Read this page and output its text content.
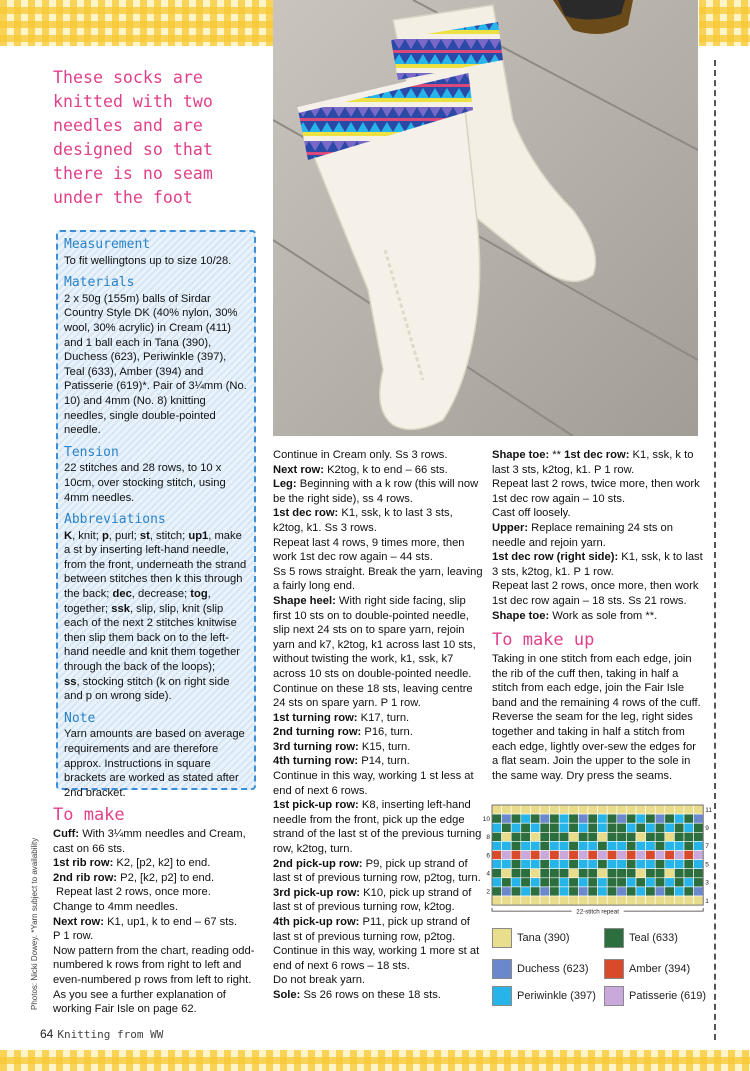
These socks are knitted with two needles and are designed so that there is no seam under the foot
Measurement
To fit wellingtons up to size 10/28.
Materials
2 x 50g (155m) balls of Sirdar Country Style DK (40% nylon, 30% wool, 30% acrylic) in Cream (411) and 1 ball each in Tana (390), Duchess (623), Periwinkle (397), Teal (633), Amber (394) and Patisserie (619)*. Pair of 3¼mm (No. 10) and 4mm (No. 8) knitting needles, single double-pointed needle.
Tension
22 stitches and 28 rows, to 10 x 10cm, over stocking stitch, using 4mm needles.
Abbreviations
K, knit; p, purl; st, stitch; up1, make a st by inserting left-hand needle, from the front, underneath the strand between stitches then k this through the back; dec, decrease; tog, together; ssk, slip, slip, knit (slip each of the next 2 stitches knitwise then slip them back on to the left-hand needle and knit them together through the back of the loops);
ss, stocking stitch (k on right side and p on wrong side).
Note
Yarn amounts are based on average requirements and are therefore approx. Instructions in square brackets are worked as stated after 2nd bracket.
To make

Cuff: With 3¼mm needles and Cream, cast on 66 sts.

1st rib row: K2, [p2, k2] to end.

2nd rib row: P2, [k2, p2] to end.

Repeat last 2 rows, once more.

Change to 4mm needles.

Next row: K1, up1, k to end – 67 sts.

P 1 row.

Now pattern from the chart, reading odd-numbered k rows from right to left and even-numbered p rows from left to right. As you see a further explanation of working Fair Isle on page 62.

Continue in Cream only. Ss 3 rows.

Next row: K2tog, k to end – 66 sts.

Leg: Beginning with a k row (this will now be the right side), ss 4 rows.

1st dec row: K1, ssk, k to last 3 sts, k2tog, k1. Ss 3 rows.

Repeat last 4 rows, 9 times more, then work 1st dec row again – 44 sts.

Ss 5 rows straight. Break the yarn, leaving a fairly long end.

Shape heel: With right side facing, slip first 10 sts on to double-pointed needle, slip next 24 sts on to spare yarn, rejoin yarn and k7, k2tog, k1 across last 10 sts, without twisting the work, k1, ssk, k7 across 10 sts on double-pointed needle. Continue on these 18 sts, leaving centre 24 sts on spare yarn. P 1 row.

1st turning row: K17, turn.

2nd turning row: P16, turn.

3rd turning row: K15, turn.

4th turning row: P14, turn.

Continue in this way, working 1 st less at end of next 6 rows.

1st pick-up row: K8, inserting left-hand needle from the front, pick up the edge strand of the last st of the previous turning row, k2tog, turn.

2nd pick-up row: P9, pick up strand of last st of previous turning row, p2tog, turn.

3rd pick-up row: K10, pick up strand of last st of previous turning row, k2tog.

4th pick-up row: P11, pick up strand of last st of previous turning row, p2tog. Continue in this way, working 1 more st at end of next 6 rows – 18 sts.

Do not break yarn.

Sole: Ss 26 rows on these 18 sts.

Shape toe: ** 1st dec row: K1, ssk, k to last 3 sts, k2tog, k1. P 1 row.

Repeat last 2 rows, twice more, then work 1st dec row again – 10 sts.

Cast off loosely.

Upper: Replace remaining 24 sts on needle and rejoin yarn.

1st dec row (right side): K1, ssk, k to last 3 sts, k2tog, k1. P 1 row.

Repeat last 2 rows, once more, then work 1st dec row again – 18 sts. Ss 21 rows.

Shape toe: Work as sole from **.

To make up
Taking in one stitch from each edge, join the rib of the cuff then, taking in half a stitch from each edge, join the Fair Isle band and the remaining 4 rows of the cuff. Reverse the seam for the leg, right sides together and taking in half a stitch from each edge, lightly over-sew the edges for a flat seam. Join the upper to the sole in the same way. Dry press the seams.
10
8
6
4
2
11
9
7
5
3
1
22-stitch repeat
Tana (390)	Teal (633)
Duchess (623)	Amber (394)
Periwinkle (397)	Patisserie (619)
Photos: Nicki Dowey. *Yarn subject to availability
64 Knitting from WW
